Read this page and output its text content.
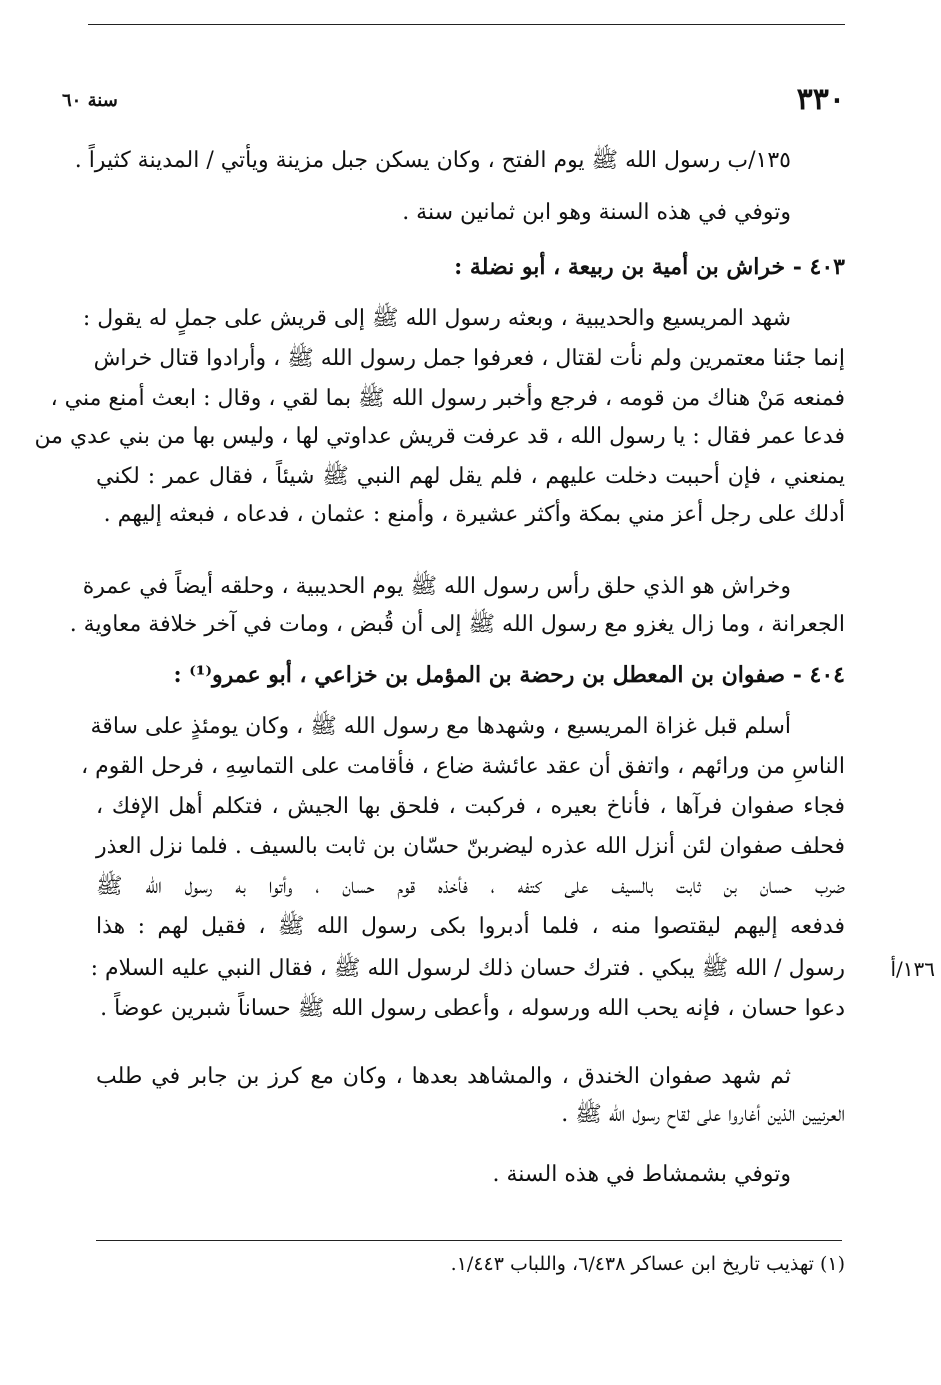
٣٣٠
سنة ٦٠
١٣٥/ب رسول الله ﷺ يوم الفتح ، وكان يسكن جبل مزينة ويأتي / المدينة كثيراً .
وتوفي في هذه السنة وهو ابن ثمانين سنة .
٤٠٣ - خراش بن أمية بن ربيعة ، أبو نضلة :
شهد المريسيع والحديبية ، وبعثه رسول الله ﷺ إلى قريش على جملٍ له يقول :
إنما جئنا معتمرين ولم نأت لقتال ، فعرفوا جمل رسول الله ﷺ ، وأرادوا قتال خراش
فمنعه مَنْ هناك من قومه ، فرجع وأخبر رسول الله ﷺ بما لقي ، وقال : ابعث أمنع مني ،
فدعا عمر فقال : يا رسول الله ، قد عرفت قريش عداوتي لها ، وليس بها من بني عدي من
يمنعني ، فإن أحببت دخلت عليهم ، فلم يقل لهم النبي ﷺ شيئاً ، فقال عمر : لكني
أدلك على رجل أعز مني بمكة وأكثر عشيرة ، وأمنع : عثمان ، فدعاه ، فبعثه إليهم .
وخراش هو الذي حلق رأس رسول الله ﷺ يوم الحديبية ، وحلقه أيضاً في عمرة
الجعرانة ، وما زال يغزو مع رسول الله ﷺ إلى أن قُبض ، ومات في آخر خلافة معاوية .
٤٠٤ - صفوان بن المعطل بن رحضة بن المؤمل بن خزاعي ، أبو عمرو⁽¹⁾ :
أسلم قبل غزاة المريسيع ، وشهدها مع رسول الله ﷺ ، وكان يومئذٍ على ساقة
الناسِ من ورائهم ، واتفق أن عقد عائشة ضاع ، فأقامت على التماسِهِ ، فرحل القوم ،
فجاء صفوان فرآها ، فأناخ بعيره ، فركبت ، فلحق بها الجيش ، فتكلم أهل الإفك ،
فحلف صفوان لئن أنزل الله عذره ليضربنّ حسّان بن ثابت بالسيف . فلما نزل العذر
ضرب حسان بن ثابت بالسيف على كتفه ، فأخذه قوم حسان ، وأتوا به رسول الله ﷺ
فدفعه إليهم ليقتصوا منه ، فلما أدبروا بكى رسول الله ﷺ ، فقيل لهم : هذا
١٣٦/أ
رسول / الله ﷺ يبكي . فترك حسان ذلك لرسول الله ﷺ ، فقال النبي عليه السلام :
دعوا حسان ، فإنه يحب الله ورسوله ، وأعطى رسول الله ﷺ حساناً شبرين عوضاً .
ثم شهد صفوان الخندق ، والمشاهد بعدها ، وكان مع كرز بن جابر في طلب
العرنيين الذين أغاروا على لقاح رسول الله ﷺ .
وتوفي بشمشاط في هذه السنة .
(١) تهذيب تاريخ ابن عساكر ٦/٤٣٨، واللباب ١/٤٤٣.
